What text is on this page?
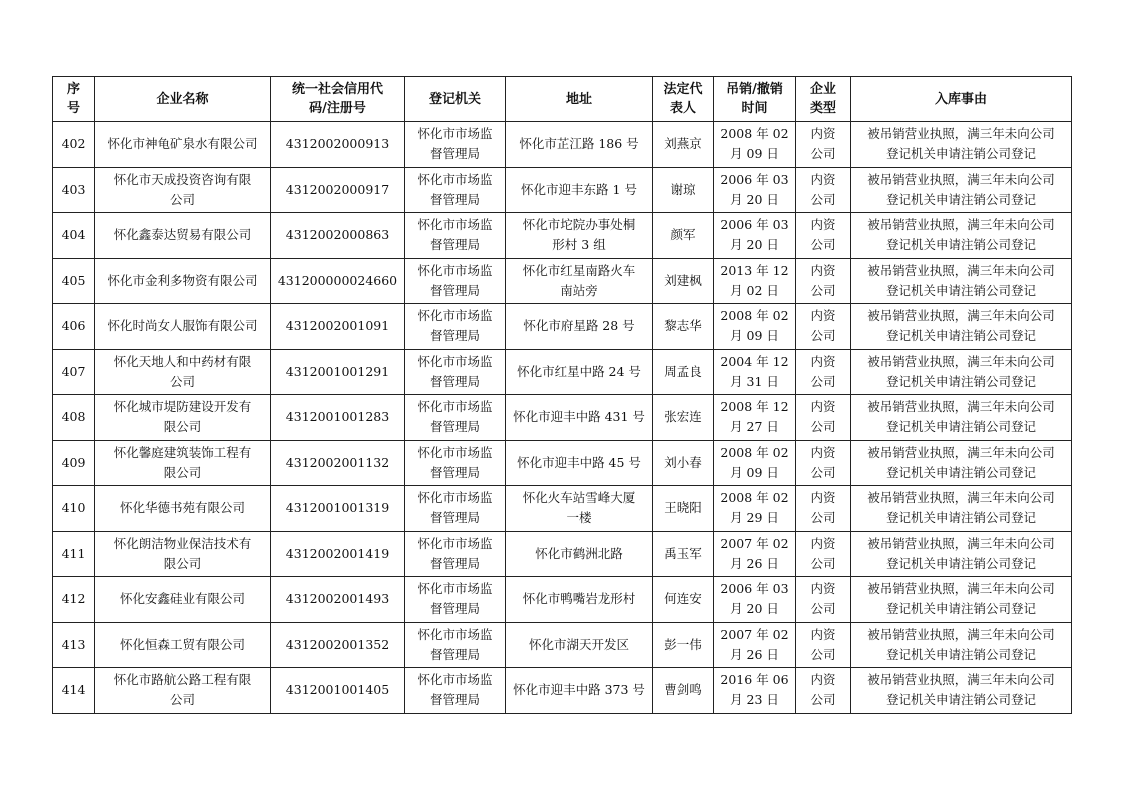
序
号	企业名称	统一社会信用代
码/注册号	登记机关	地址	法定代
表人	吊销/撤销
时间	企业
类型	入库事由
402	怀化市神龟矿泉水有限公司	4312002000913	怀化市市场监
督管理局	怀化市芷江路 186 号	刘燕京	2008 年 02
月 09 日	内资
公司	被吊销营业执照，满三年未向公司
登记机关申请注销公司登记
403	怀化市天成投资咨询有限
公司	4312002000917	怀化市市场监
督管理局	怀化市迎丰东路 1 号	谢琼	2006 年 03
月 20 日	内资
公司	被吊销营业执照，满三年未向公司
登记机关申请注销公司登记
404	怀化鑫泰达贸易有限公司	4312002000863	怀化市市场监
督管理局	怀化市坨院办事处桐
形村 3 组	颜军	2006 年 03
月 20 日	内资
公司	被吊销营业执照，满三年未向公司
登记机关申请注销公司登记
405	怀化市金利多物资有限公司	431200000024660	怀化市市场监
督管理局	怀化市红星南路火车
南站旁	刘建枫	2013 年 12
月 02 日	内资
公司	被吊销营业执照，满三年未向公司
登记机关申请注销公司登记
406	怀化时尚女人服饰有限公司	4312002001091	怀化市市场监
督管理局	怀化市府星路 28 号	黎志华	2008 年 02
月 09 日	内资
公司	被吊销营业执照，满三年未向公司
登记机关申请注销公司登记
407	怀化天地人和中药材有限
公司	4312001001291	怀化市市场监
督管理局	怀化市红星中路 24 号	周孟良	2004 年 12
月 31 日	内资
公司	被吊销营业执照，满三年未向公司
登记机关申请注销公司登记
408	怀化城市堤防建设开发有
限公司	4312001001283	怀化市市场监
督管理局	怀化市迎丰中路 431 号	张宏连	2008 年 12
月 27 日	内资
公司	被吊销营业执照，满三年未向公司
登记机关申请注销公司登记
409	怀化馨庭建筑装饰工程有
限公司	4312002001132	怀化市市场监
督管理局	怀化市迎丰中路 45 号	刘小春	2008 年 02
月 09 日	内资
公司	被吊销营业执照，满三年未向公司
登记机关申请注销公司登记
410	怀化华德书苑有限公司	4312001001319	怀化市市场监
督管理局	怀化火车站雪峰大厦
一楼	王晓阳	2008 年 02
月 29 日	内资
公司	被吊销营业执照，满三年未向公司
登记机关申请注销公司登记
411	怀化朗洁物业保洁技术有
限公司	4312002001419	怀化市市场监
督管理局	怀化市鹤洲北路	禹玉军	2007 年 02
月 26 日	内资
公司	被吊销营业执照，满三年未向公司
登记机关申请注销公司登记
412	怀化安鑫硅业有限公司	4312002001493	怀化市市场监
督管理局	怀化市鸭嘴岩龙形村	何连安	2006 年 03
月 20 日	内资
公司	被吊销营业执照，满三年未向公司
登记机关申请注销公司登记
413	怀化恒森工贸有限公司	4312002001352	怀化市市场监
督管理局	怀化市湖天开发区	彭一伟	2007 年 02
月 26 日	内资
公司	被吊销营业执照，满三年未向公司
登记机关申请注销公司登记
414	怀化市路航公路工程有限
公司	4312001001405	怀化市市场监
督管理局	怀化市迎丰中路 373 号	曹剑鸣	2016 年 06
月 23 日	内资
公司	被吊销营业执照，满三年未向公司
登记机关申请注销公司登记
